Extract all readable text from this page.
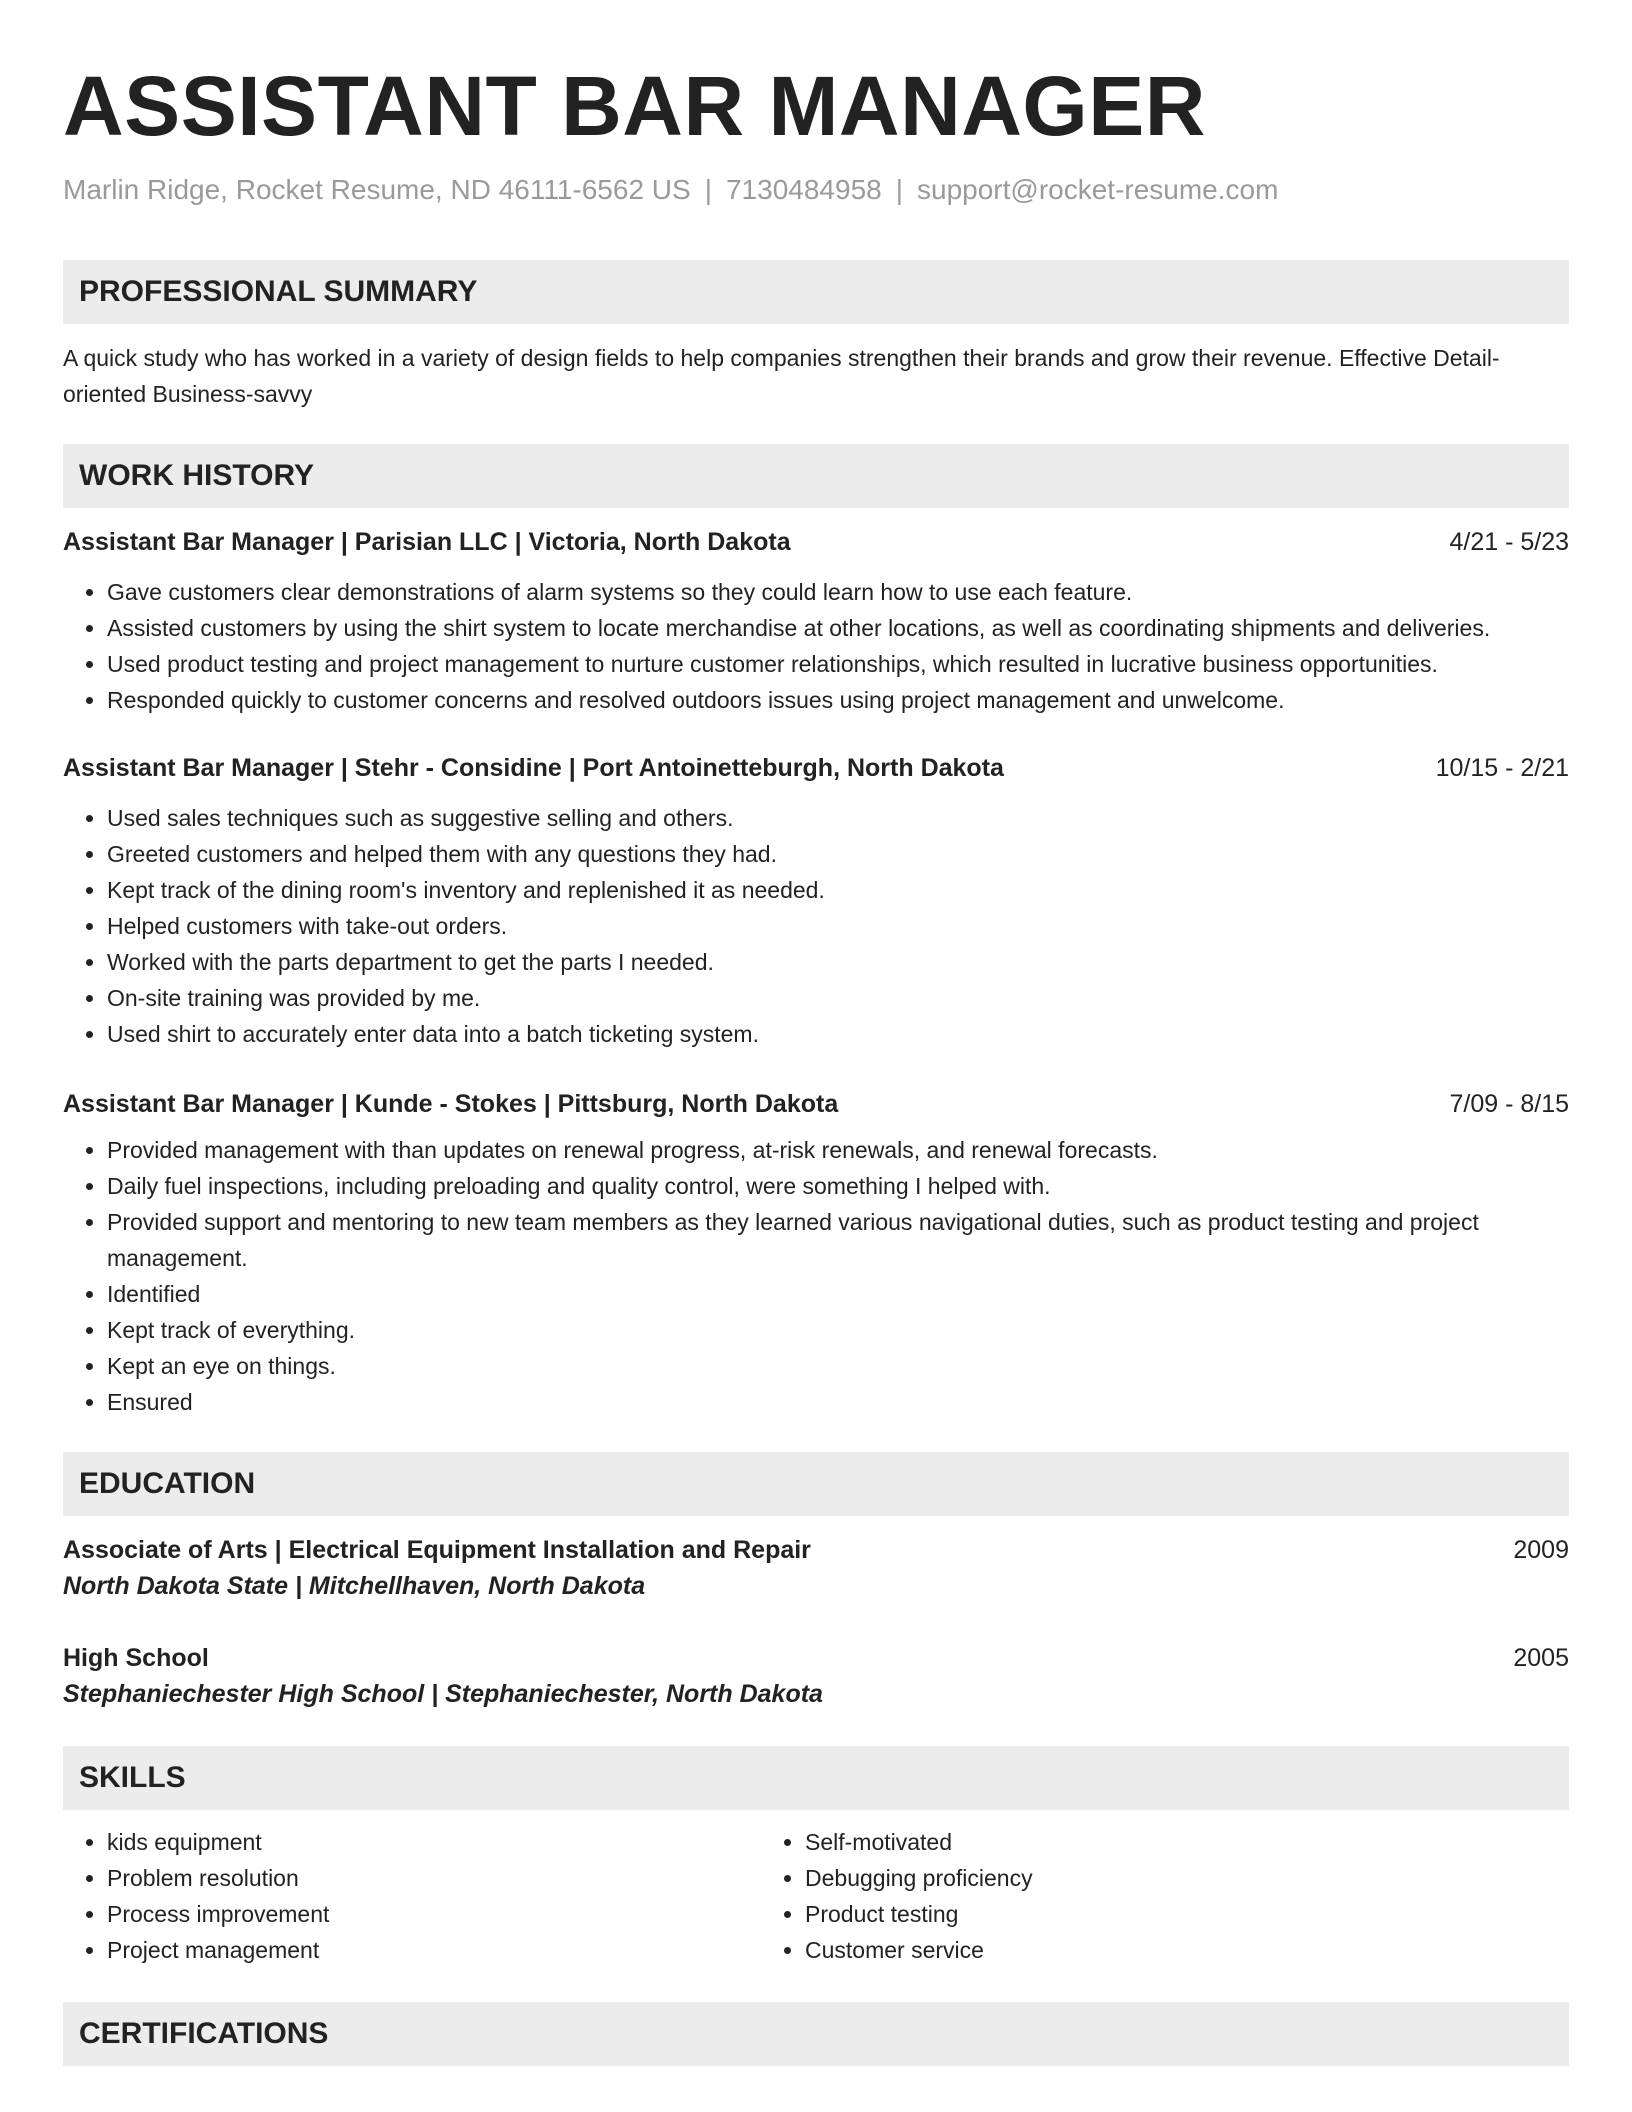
ASSISTANT BAR MANAGER
Marlin Ridge, Rocket Resume, ND 46111-6562 US | 7130484958 | support@rocket-resume.com
PROFESSIONAL SUMMARY
A quick study who has worked in a variety of design fields to help companies strengthen their brands and grow their revenue. Effective Detail-oriented Business-savvy
WORK HISTORY
Assistant Bar Manager | Parisian LLC | Victoria, North Dakota	4/21 - 5/23
• Gave customers clear demonstrations of alarm systems so they could learn how to use each feature.
• Assisted customers by using the shirt system to locate merchandise at other locations, as well as coordinating shipments and deliveries.
• Used product testing and project management to nurture customer relationships, which resulted in lucrative business opportunities.
• Responded quickly to customer concerns and resolved outdoors issues using project management and unwelcome.
Assistant Bar Manager | Stehr - Considine | Port Antoinetteburgh, North Dakota	10/15 - 2/21
• Used sales techniques such as suggestive selling and others.
• Greeted customers and helped them with any questions they had.
• Kept track of the dining room's inventory and replenished it as needed.
• Helped customers with take-out orders.
• Worked with the parts department to get the parts I needed.
• On-site training was provided by me.
• Used shirt to accurately enter data into a batch ticketing system.
Assistant Bar Manager | Kunde - Stokes | Pittsburg, North Dakota	7/09 - 8/15
• Provided management with than updates on renewal progress, at-risk renewals, and renewal forecasts.
• Daily fuel inspections, including preloading and quality control, were something I helped with.
• Provided support and mentoring to new team members as they learned various navigational duties, such as product testing and project management.
• Identified
• Kept track of everything.
• Kept an eye on things.
• Ensured
EDUCATION
Associate of Arts | Electrical Equipment Installation and Repair	2009
North Dakota State | Mitchellhaven, North Dakota
High School	2005
Stephaniechester High School | Stephaniechester, North Dakota
SKILLS
• kids equipment
• Problem resolution
• Process improvement
• Project management
• Self-motivated
• Debugging proficiency
• Product testing
• Customer service
CERTIFICATIONS
